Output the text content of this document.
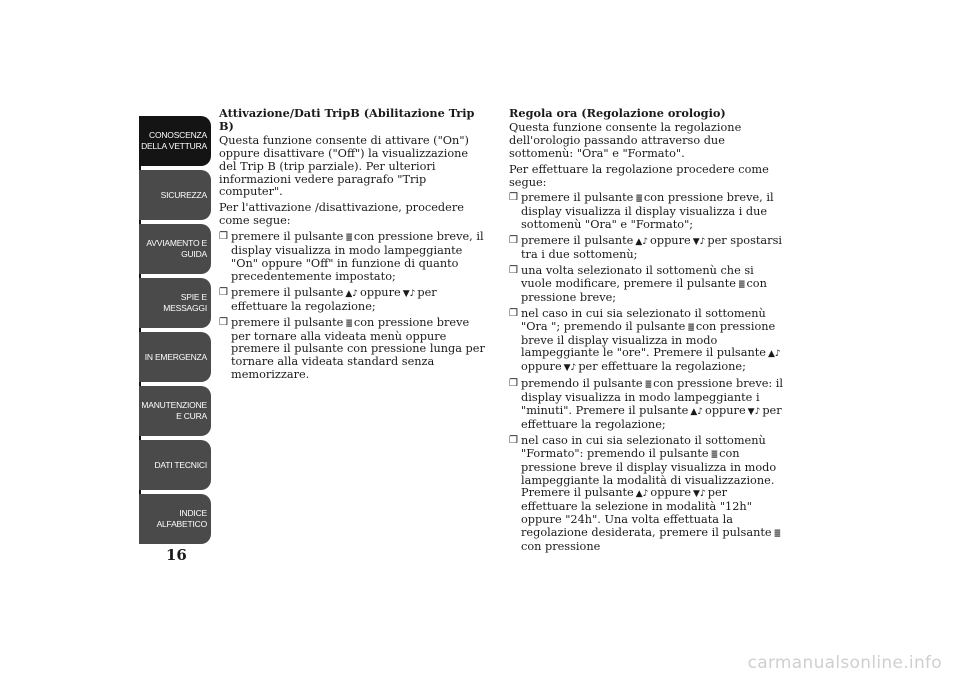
CONOSCENZA DELLA VETTURA
SICUREZZA
AVVIAMENTO E GUIDA
SPIE E MESSAGGI
IN EMERGENZA
MANUTENZIONE E CURA
DATI TECNICI
INDICE ALFABETICO
16
Attivazione/Dati TripB (Abilitazione Trip B)

Questa funzione consente di attivare ("On") oppure disattivare ("Off") la visualizzazione del Trip B (trip parziale). Per ulteriori informazioni vedere paragrafo "Trip computer".

Per l'attivazione /disattivazione, procedere come segue:

❒ premere il pulsante ≣ con pressione breve, il display visualizza in modo lampeggiante "On" oppure "Off" in funzione di quanto precedentemente impostato;
❒ premere il pulsante ▲♪ oppure ▼♪ per effettuare la regolazione;
❒ premere il pulsante ≣ con pressione breve per tornare alla videata menù oppure premere il pulsante con pressione lunga per tornare alla videata standard senza memorizzare.
Regola ora (Regolazione orologio)

Questa funzione consente la regolazione dell'orologio passando attraverso due sottomenù: "Ora" e "Formato".

Per effettuare la regolazione procedere come segue:

❒ premere il pulsante ≣ con pressione breve, il display visualizza il display visualizza i due sottomenù "Ora" e "Formato";
❒ premere il pulsante ▲♪ oppure ▼♪ per spostarsi tra i due sottomenù;
❒ una volta selezionato il sottomenù che si vuole modificare, premere il pulsante ≣ con pressione breve;
❒ nel caso in cui sia selezionato il sottomenù "Ora "; premendo il pulsante ≣ con pressione breve il display visualizza in modo lampeggiante le "ore". Premere il pulsante ▲♪oppure ▼♪ per effettuare la regolazione;
❒ premendo il pulsante ≣ con pressione breve: il display visualizza in modo lampeggiante i "minuti". Premere il pulsante ▲♪ oppure ▼♪ per effettuare la regolazione;
❒ nel caso in cui sia selezionato il sottomenù "Formato": premendo il pulsante ≣ con pressione breve il display visualizza in modo lampeggiante la modalità di visualizzazione. Premere il pulsante ▲♪ oppure ▼♪ per effettuare la selezione in modalità "12h" oppure "24h". Una volta effettuata la regolazione desiderata, premere il pulsante ≣con pressione
carmanualsonline.info
